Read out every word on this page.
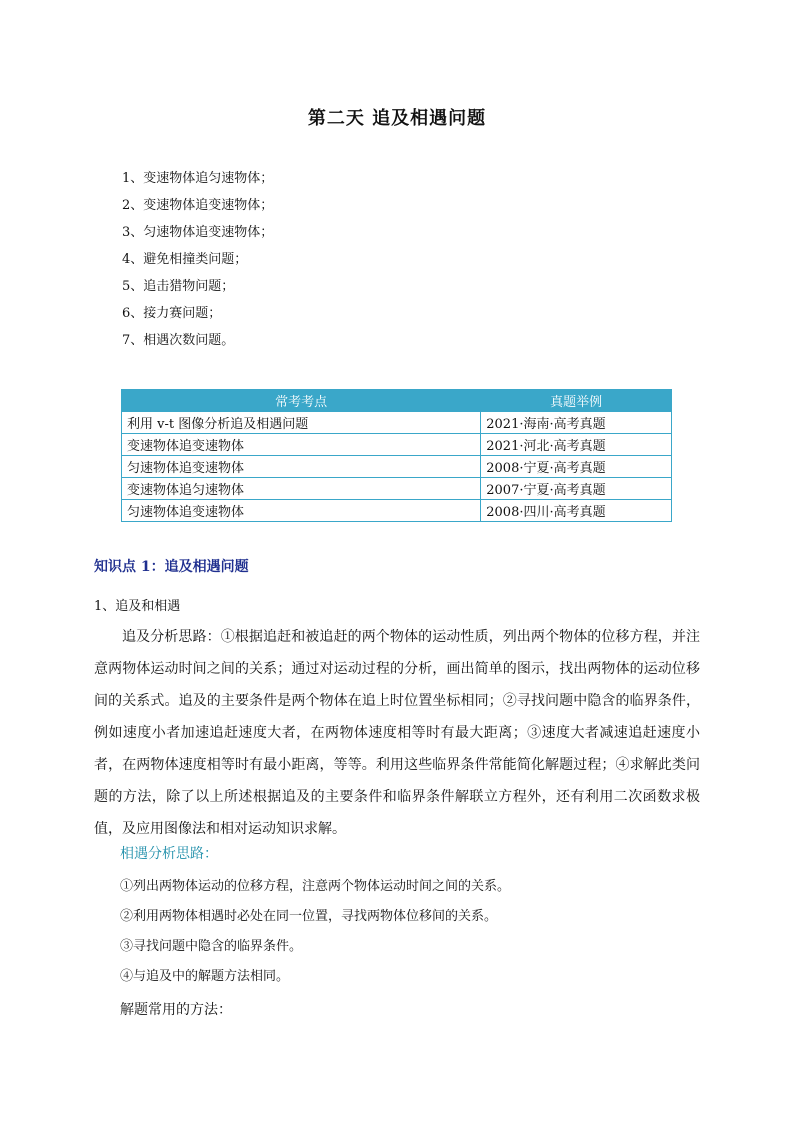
第二天 追及相遇问题
1、变速物体追匀速物体；
2、变速物体追变速物体；
3、匀速物体追变速物体；
4、避免相撞类问题；
5、追击猎物问题；
6、接力赛问题；
7、相遇次数问题。
常考考点	真题举例
利用 v-t 图像分析追及相遇问题	2021·海南·高考真题
变速物体追变速物体	2021·河北·高考真题
匀速物体追变速物体	2008·宁夏·高考真题
变速物体追匀速物体	2007·宁夏·高考真题
匀速物体追变速物体	2008·四川·高考真题
知识点 1：追及相遇问题
1、追及和相遇

追及分析思路：①根据追赶和被追赶的两个物体的运动性质，列出两个物体的位移方程，并注意两物体运动时间之间的关系；通过对运动过程的分析，画出简单的图示，找出两物体的运动位移间的关系式。追及的主要条件是两个物体在追上时位置坐标相同；②寻找问题中隐含的临界条件，例如速度小者加速追赶速度大者，在两物体速度相等时有最大距离；③速度大者减速追赶速度小者，在两物体速度相等时有最小距离，等等。利用这些临界条件常能简化解题过程；④求解此类问题的方法，除了以上所述根据追及的主要条件和临界条件解联立方程外，还有利用二次函数求极值，及应用图像法和相对运动知识求解。

相遇分析思路：
①列出两物体运动的位移方程，注意两个物体运动时间之间的关系。
②利用两物体相遇时必处在同一位置，寻找两物体位移间的关系。
③寻找问题中隐含的临界条件。
④与追及中的解题方法相同。
解题常用的方法：
